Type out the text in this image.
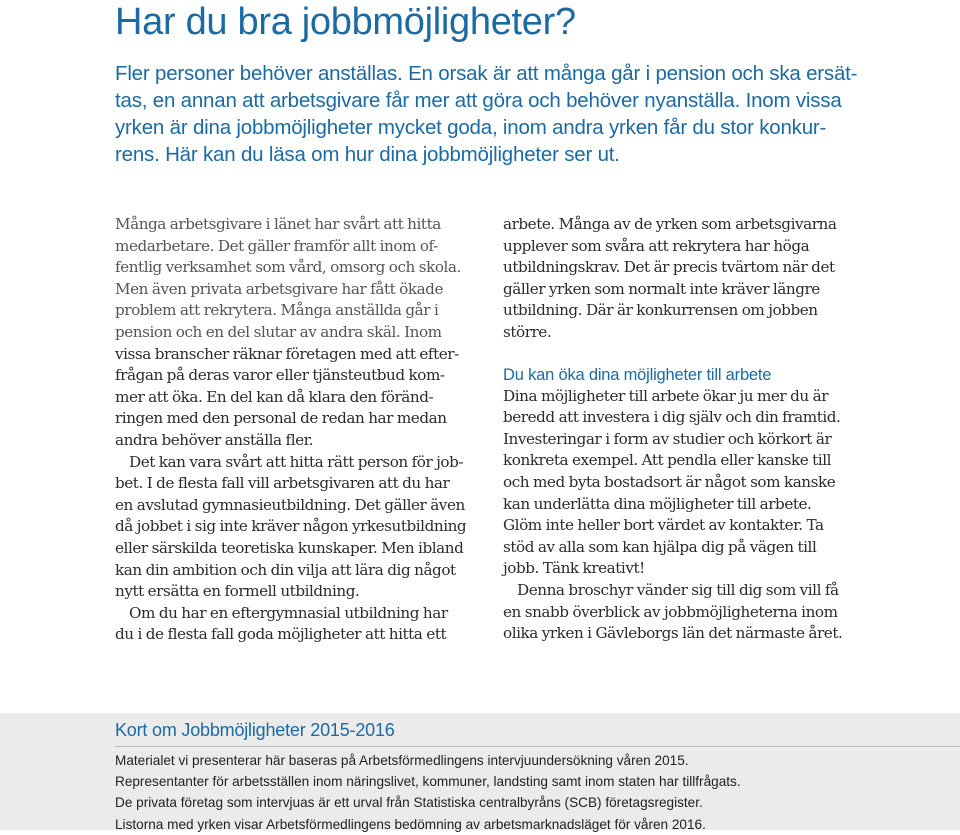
Har du bra jobbmöjligheter?
Fler personer behöver anställas. En orsak är att många går i pension och ska ersät-
tas, en annan att arbetsgivare får mer att göra och behöver nyanställa. Inom vissa
yrken är dina jobbmöjligheter mycket goda, inom andra yrken får du stor konkur-
rens. Här kan du läsa om hur dina jobbmöjligheter ser ut.
Många arbetsgivare i länet har svårt att hitta
medarbetare. Det gäller framför allt inom of-
fentlig verksamhet som vård, omsorg och skola.
Men även privata arbetsgivare har fått ökade
problem att rekrytera. Många anställda går i
pension och en del slutar av andra skäl. Inom
vissa branscher räknar företagen med att efter-
frågan på deras varor eller tjänsteutbud kom-
mer att öka. En del kan då klara den föränd-
ringen med den personal de redan har medan
andra behöver anställa fler.
Det kan vara svårt att hitta rätt person för job-
bet. I de flesta fall vill arbetsgivaren att du har
en avslutad gymnasieutbildning. Det gäller även
då jobbet i sig inte kräver någon yrkesutbildning
eller särskilda teoretiska kunskaper. Men ibland
kan din ambition och din vilja att lära dig något
nytt ersätta en formell utbildning.
Om du har en eftergymnasial utbildning har
du i de flesta fall goda möjligheter att hitta ett
arbete. Många av de yrken som arbetsgivarna
upplever som svåra att rekrytera har höga
utbildningskrav. Det är precis tvärtom när det
gäller yrken som normalt inte kräver längre
utbildning. Där är konkurrensen om jobben
större.
Du kan öka dina möjligheter till arbete
Dina möjligheter till arbete ökar ju mer du är
beredd att investera i dig själv och din framtid.
Investeringar i form av studier och körkort är
konkreta exempel. Att pendla eller kanske till
och med byta bostadsort är något som kanske
kan underlätta dina möjligheter till arbete.
Glöm inte heller bort värdet av kontakter. Ta
stöd av alla som kan hjälpa dig på vägen till
jobb. Tänk kreativt!
Denna broschyr vänder sig till dig som vill få
en snabb överblick av jobbmöjligheterna inom
olika yrken i Gävleborgs län det närmaste året.
Kort om Jobbmöjligheter 2015-2016
Materialet vi presenterar här baseras på Arbetsförmedlingens intervjuundersökning våren 2015.
Representanter för arbetsställen inom näringslivet, kommuner, landsting samt inom staten har tillfrågats.
De privata företag som intervjuas är ett urval från Statistiska centralbyråns (SCB) företagsregister.
Listorna med yrken visar Arbetsförmedlingens bedömning av arbetsmarknadsläget för våren 2016.
